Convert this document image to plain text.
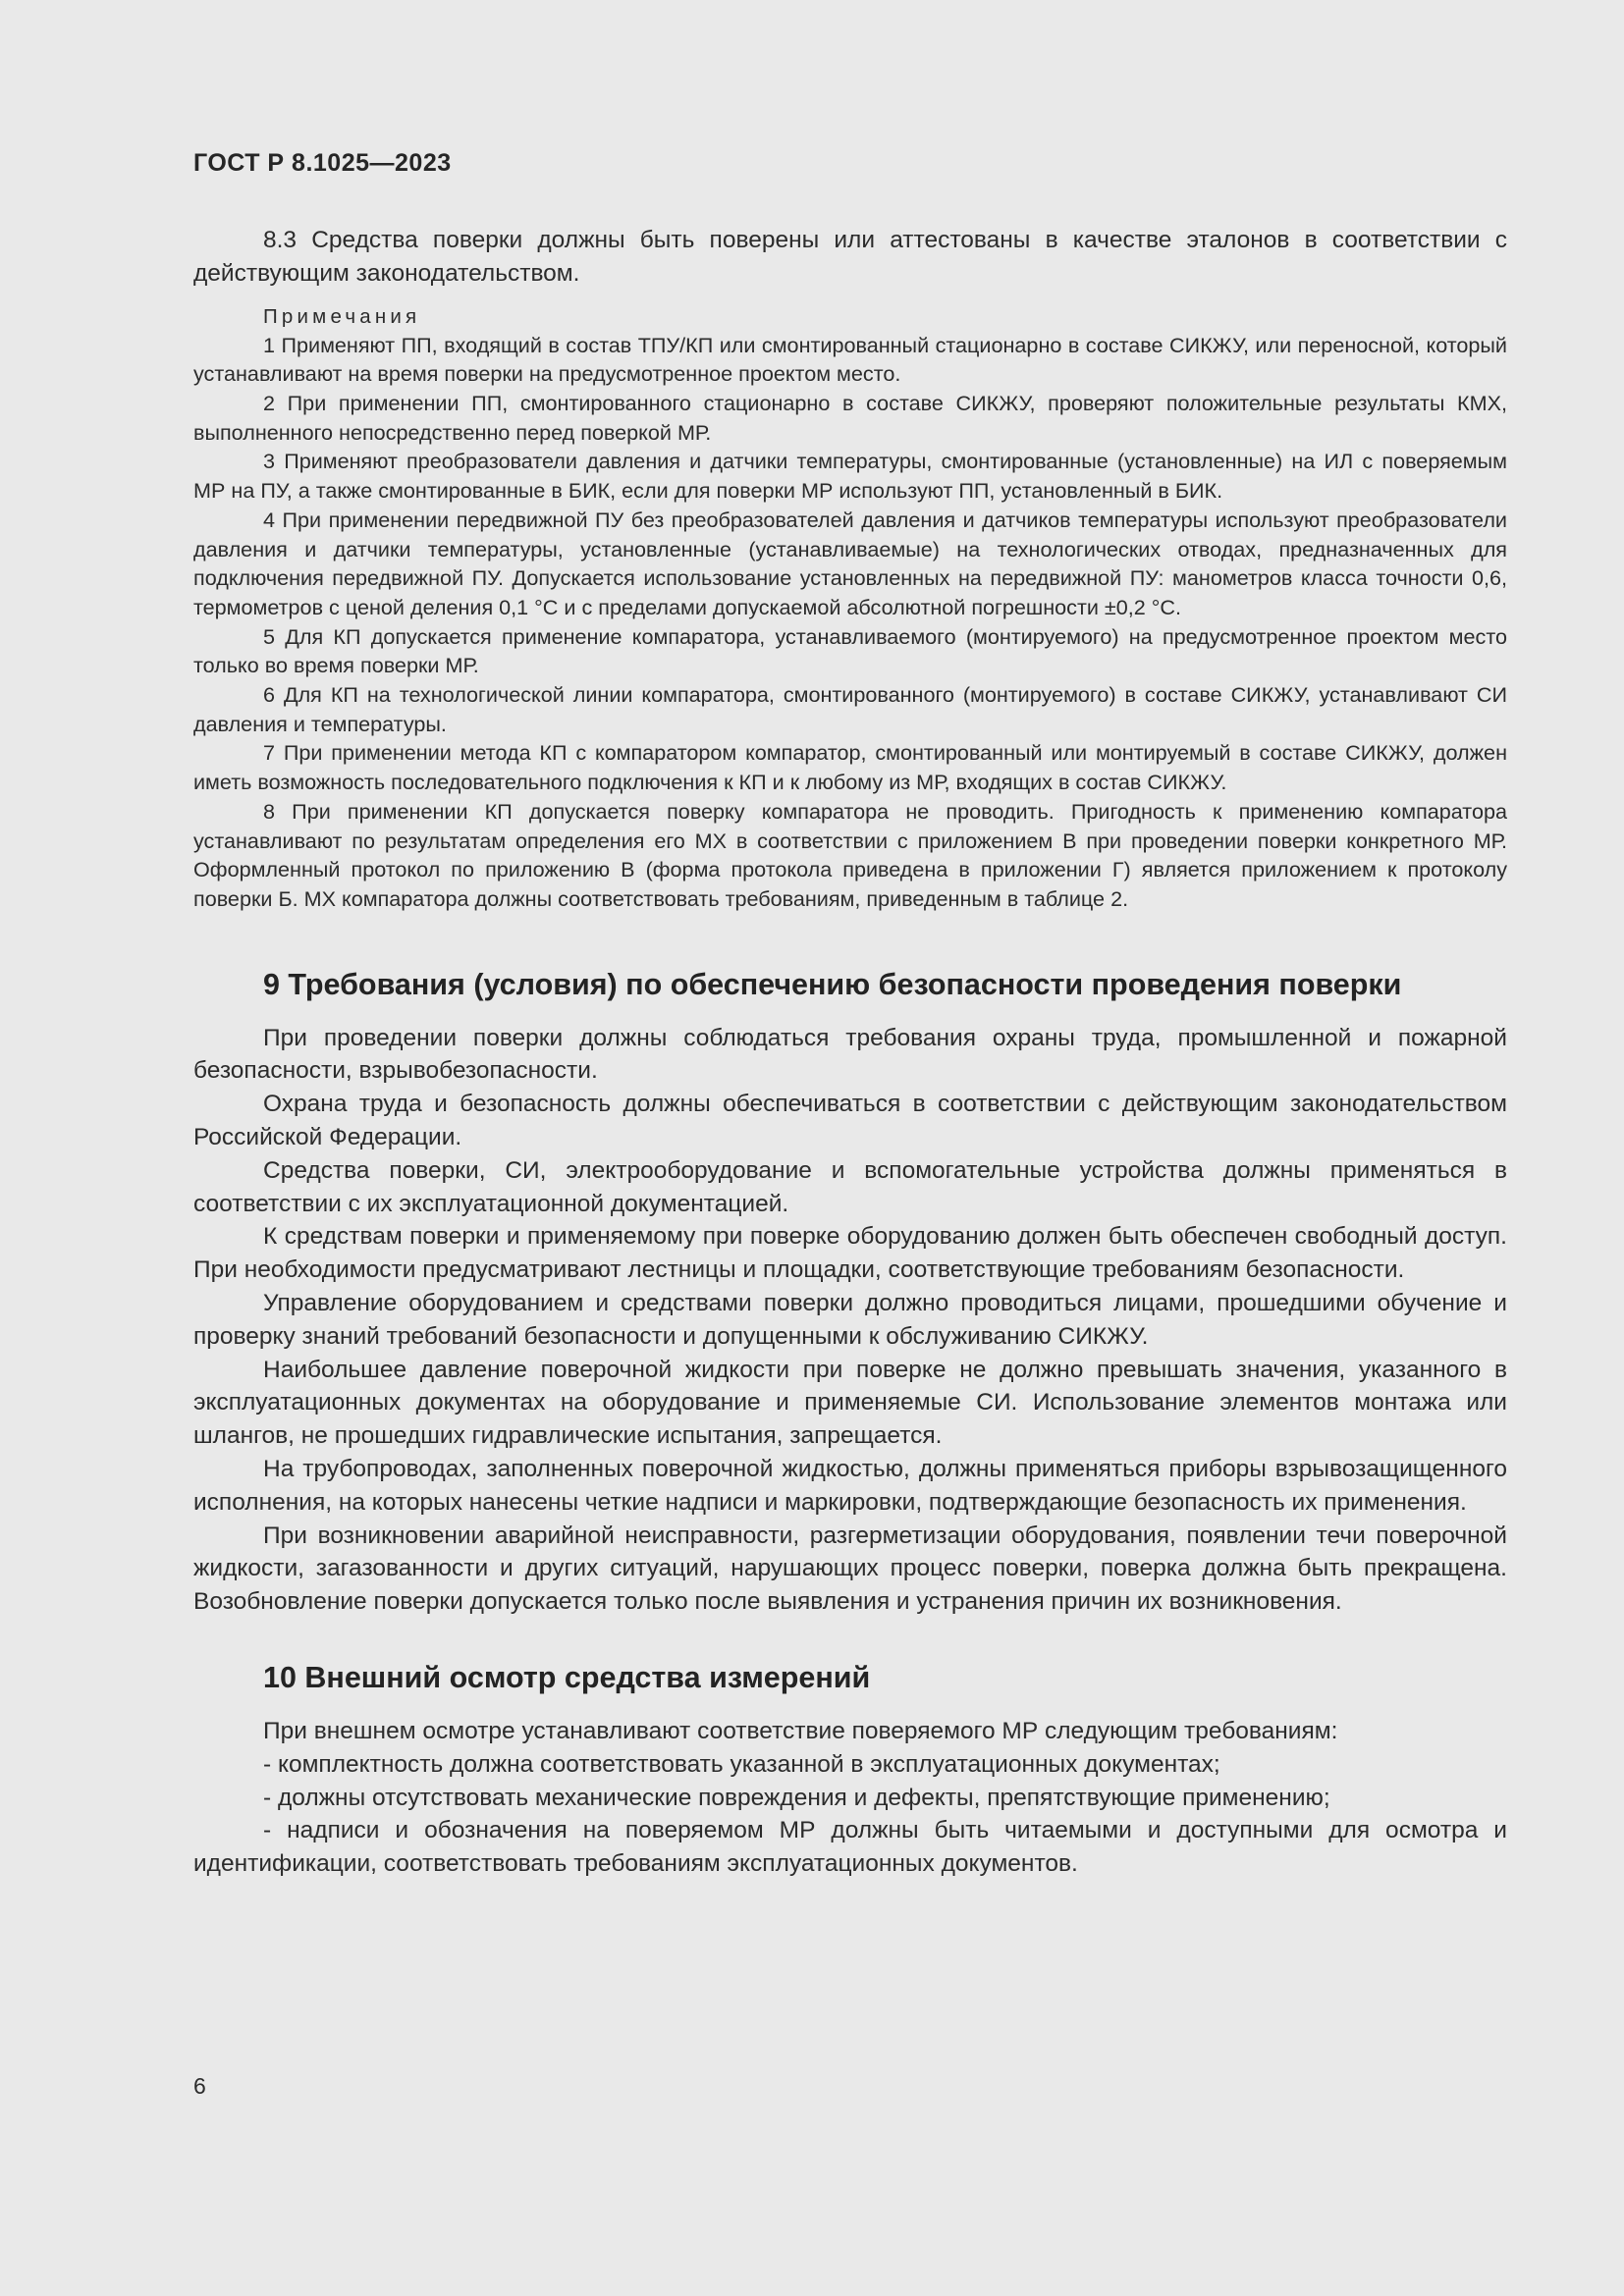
ГОСТ Р 8.1025—2023

8.3 Средства поверки должны быть поверены или аттестованы в качестве эталонов в соответствии с действующим законодательством.

Примечания

1 Применяют ПП, входящий в состав ТПУ/КП или смонтированный стационарно в составе СИКЖУ, или переносной, который устанавливают на время поверки на предусмотренное проектом место.

2 При применении ПП, смонтированного стационарно в составе СИКЖУ, проверяют положительные результаты КМХ, выполненного непосредственно перед поверкой МР.

3 Применяют преобразователи давления и датчики температуры, смонтированные (установленные) на ИЛ с поверяемым МР на ПУ, а также смонтированные в БИК, если для поверки МР используют ПП, установленный в БИК.

4 При применении передвижной ПУ без преобразователей давления и датчиков температуры используют преобразователи давления и датчики температуры, установленные (устанавливаемые) на технологических отводах, предназначенных для подключения передвижной ПУ. Допускается использование установленных на передвижной ПУ: манометров класса точности 0,6, термометров с ценой деления 0,1 °C и с пределами допускаемой абсолютной погрешности ±0,2 °C.

5 Для КП допускается применение компаратора, устанавливаемого (монтируемого) на предусмотренное проектом место только во время поверки МР.

6 Для КП на технологической линии компаратора, смонтированного (монтируемого) в составе СИКЖУ, устанавливают СИ давления и температуры.

7 При применении метода КП с компаратором компаратор, смонтированный или монтируемый в составе СИКЖУ, должен иметь возможность последовательного подключения к КП и к любому из МР, входящих в состав СИКЖУ.

8 При применении КП допускается поверку компаратора не проводить. Пригодность к применению компаратора устанавливают по результатам определения его МХ в соответствии с приложением В при проведении поверки конкретного МР. Оформленный протокол по приложению В (форма протокола приведена в приложении Г) является приложением к протоколу поверки Б. МХ компаратора должны соответствовать требованиям, приведенным в таблице 2.

9 Требования (условия) по обеспечению безопасности проведения поверки

При проведении поверки должны соблюдаться требования охраны труда, промышленной и пожарной безопасности, взрывобезопасности.

Охрана труда и безопасность должны обеспечиваться в соответствии с действующим законодательством Российской Федерации.

Средства поверки, СИ, электрооборудование и вспомогательные устройства должны применяться в соответствии с их эксплуатационной документацией.

К средствам поверки и применяемому при поверке оборудованию должен быть обеспечен свободный доступ. При необходимости предусматривают лестницы и площадки, соответствующие требованиям безопасности.

Управление оборудованием и средствами поверки должно проводиться лицами, прошедшими обучение и проверку знаний требований безопасности и допущенными к обслуживанию СИКЖУ.

Наибольшее давление поверочной жидкости при поверке не должно превышать значения, указанного в эксплуатационных документах на оборудование и применяемые СИ. Использование элементов монтажа или шлангов, не прошедших гидравлические испытания, запрещается.

На трубопроводах, заполненных поверочной жидкостью, должны применяться приборы взрывозащищенного исполнения, на которых нанесены четкие надписи и маркировки, подтверждающие безопасность их применения.

При возникновении аварийной неисправности, разгерметизации оборудования, появлении течи поверочной жидкости, загазованности и других ситуаций, нарушающих процесс поверки, поверка должна быть прекращена. Возобновление поверки допускается только после выявления и устранения причин их возникновения.

10 Внешний осмотр средства измерений

При внешнем осмотре устанавливают соответствие поверяемого МР следующим требованиям:

- комплектность должна соответствовать указанной в эксплуатационных документах;

- должны отсутствовать механические повреждения и дефекты, препятствующие применению;

- надписи и обозначения на поверяемом МР должны быть читаемыми и доступными для осмотра и идентификации, соответствовать требованиям эксплуатационных документов.

6
